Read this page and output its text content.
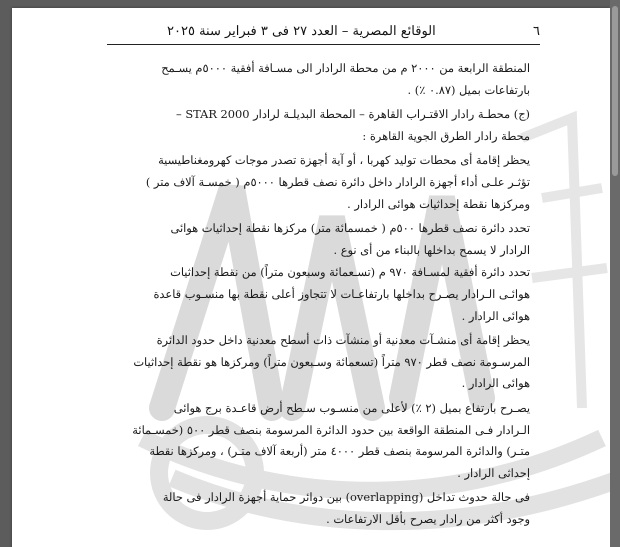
٦
الوقائع المصرية – العدد ٢٧ فى ٣ فبراير سنة ٢٠٢٥

المنطقة الرابعة من ٢٠٠٠ م من محطة الرادار الى مسـافة أفقية ٥٠٠٠م يسـمح
بارتفاعات بميل (٠.٨٧ ٪) .

(ج) محطـة رادار الاقتـراب القاهرة – المحطة البديلـة لرادار STAR 2000 –
محطة رادار الطرق الجوية القاهرة :

يحظر إقامة أى محطات توليد كهربا ، أو آية أجهزة تصدر موجات كهرومغناطيسية
تؤثـر علـى أداء أجهزة الرادار داخل دائرة نصف قطرها ٥٠٠٠م ( خمسـة آلاف متر )
ومركزها نقطة إحداثيات هوائى الرادار .

تحدد دائرة نصف قطرها ٥٠٠م ( خمسمائة متر) مركزها نقطة إحداثيات هوائى
الرادار لا يسمح بداخلها بالبناء من أى نوع .

تحدد دائرة أفقية لمسـافة ٩٧٠ م (تسـعمائة وسبعون متراً) من نقطة إحداثيات
هوائـى الـرادار يصـرح بداخلها بارتفاعـات لا تتجاوز أعلى نقطة بها منسـوب قاعدة
هوائى الرادار .

يحظر إقامة أى منشـآت معدنية أو منشآت ذات أسطح معدنية داخل حدود الدائرة
المرسـومة نصف قطر ٩٧٠ متراً (تسعمائة وسـبعون متراً) ومركزها هو نقطة إحداثيات
هوائى الرادار .

يصـرح بارتفاع بميل (٢ ٪) لأعلى من منسـوب سـطح أرض قاعـدة برج هوائى
الـرادار فـى المنطقة الواقعة بين حدود الدائرة المرسومة بنصف قطر ٥٠٠ (خمسـمائة
متـر) والدائرة المرسومة بنصف قطر ٤٠٠٠ متر (أربعة آلاف متـر) ، ومركزها نقطة
إحداثى الرادار .

فى حالة حدوث تداخل (overlapping) بين دوائر حماية أجهزة الرادار فى حالة
وجود أكثر من رادار يصرح بأقل الارتفاعات .
